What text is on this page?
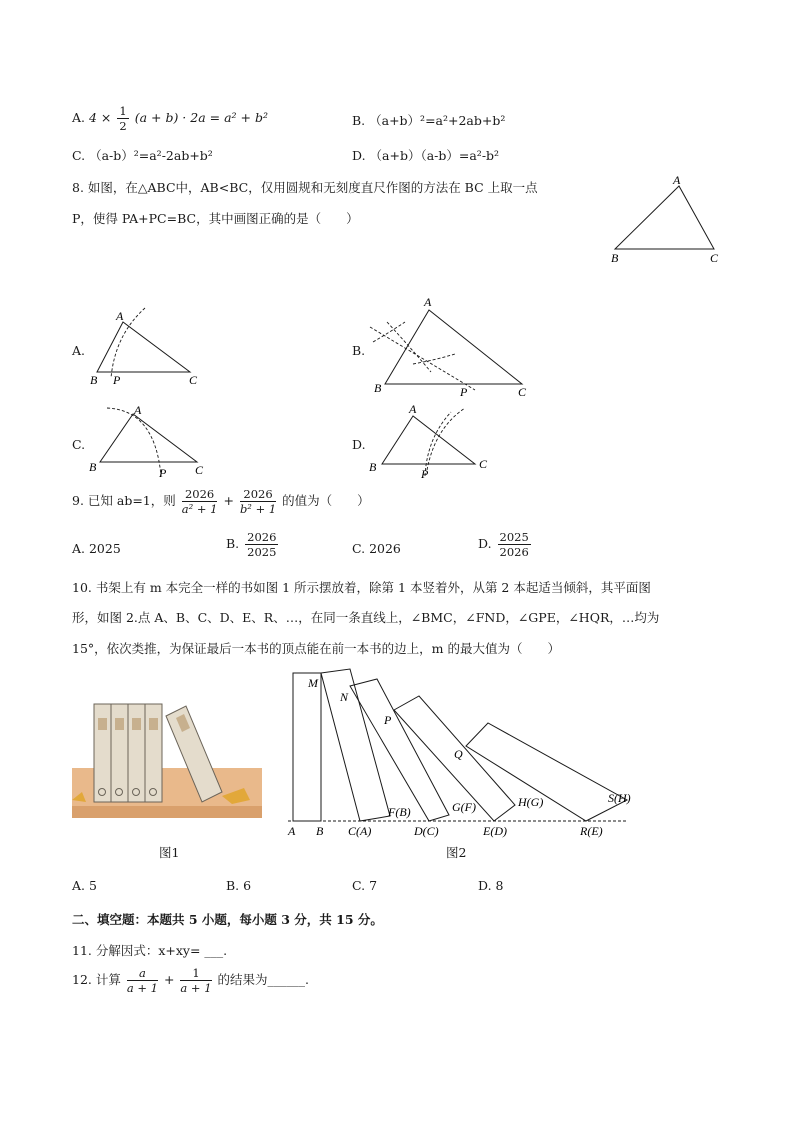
A. $4 \times \frac{1}{2} (a + b) \cdot 2a = a^2 + b^2$	B. （a+b）²=a²+2ab+b²
C. （a-b）²=a²-2ab+b²	D. （a+b）（a-b）=a²-b²
8. 如图，在△ABC中，AB<BC，仅用圆规和无刻度直尺作图的方法在 BC 上取一点
P，使得 PA+PC=BC，其中画图正确的是（　　）
A
B	C
A.
A
B P	C
B.
A
B	P	C
C.
A
B	P C
D.
A
B	P
C
9. 已知 ab=1，则 $\frac{2026}{\text{a² + 1}} + \frac{2026}{\text{b² + 1}}$ 的值为（　　）
A. 2025	B. $\frac{2026}{2025}$	C. 2026	D. $\frac{2025}{2026}$
10. 书架上有 m 本完全一样的书如图 1 所示摆放着，除第 1 本竖着外，从第 2 本起适当倾斜，其平面图
形，如图 2.点 A、B、C、D、E、R、…，在同一条直线上，∠BMC，∠FND，∠GPE，∠HQR，…均为
15°，依次类推，为保证最后一本书的顶点能在前一本书的边上，m 的最大值为（　　）
图1
M
N
P
Q
F(B)	G(F)	H(G)	S(H)
A B C(A)	D(C)	E(D)	R(E)
图2
A. 5	B. 6	C. 7	D. 8
二、填空题：本题共 5 小题，每小题 3 分，共 15 分。
11. 分解因式：x+xy= ___.
12. 计算 $\frac{a}{a + 1} + \frac{1}{a + 1}$ 的结果为______.
